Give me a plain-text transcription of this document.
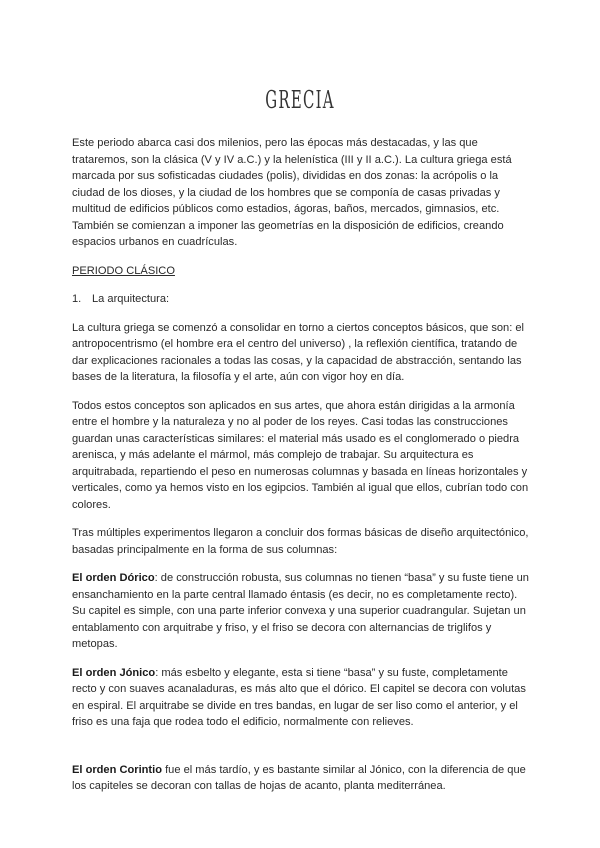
GRECIA

Este periodo abarca casi dos milenios, pero las épocas más destacadas, y las que trataremos, son la clásica (V y IV a.C.) y la helenística (III y II a.C.). La cultura griega está marcada por sus sofisticadas ciudades (polis), divididas en dos zonas: la acrópolis o la ciudad de los dioses, y la ciudad de los hombres que se componía de casas privadas y multitud de edificios públicos como estadios, ágoras, baños, mercados, gimnasios, etc. También se comienzan a imponer las geometrías en la disposición de edificios, creando espacios urbanos en cuadrículas.

PERIODO CLÁSICO

1. La arquitectura:

La cultura griega se comenzó a consolidar en torno a ciertos conceptos básicos, que son: el antropocentrismo (el hombre era el centro del universo) , la reflexión científica, tratando de dar explicaciones racionales a todas las cosas, y la capacidad de abstracción, sentando las bases de la literatura, la filosofía y el arte, aún con vigor hoy en día.

Todos estos conceptos son aplicados en sus artes, que ahora están dirigidas a la armonía entre el hombre y la naturaleza y no al poder de los reyes. Casi todas las construcciones guardan unas características similares: el material más usado es el conglomerado o piedra arenisca, y más adelante el mármol, más complejo de trabajar. Su arquitectura es arquitrabada, repartiendo el peso en numerosas columnas y basada en líneas horizontales y verticales, como ya hemos visto en los egipcios. También al igual que ellos, cubrían todo con colores.

Tras múltiples experimentos llegaron a concluir dos formas básicas de diseño arquitectónico, basadas principalmente en la forma de sus columnas:

El orden Dórico: de construcción robusta, sus columnas no tienen “basa” y su fuste tiene un ensanchamiento en la parte central llamado éntasis (es decir, no es completamente recto). Su capitel es simple, con una parte inferior convexa y una superior cuadrangular. Sujetan un entablamento con arquitrabe y friso, y el friso se decora con alternancias de triglifos y metopas.

El orden Jónico: más esbelto y elegante, esta si tiene “basa” y su fuste, completamente recto y con suaves acanaladuras, es más alto que el dórico. El capitel se decora con volutas en espiral. El arquitrabe se divide en tres bandas, en lugar de ser liso como el anterior, y el friso es una faja que rodea todo el edificio, normalmente con relieves.

El orden Corintio fue el más tardío, y es bastante similar al Jónico, con la diferencia de que los capiteles se decoran con tallas de hojas de acanto, planta mediterránea.
